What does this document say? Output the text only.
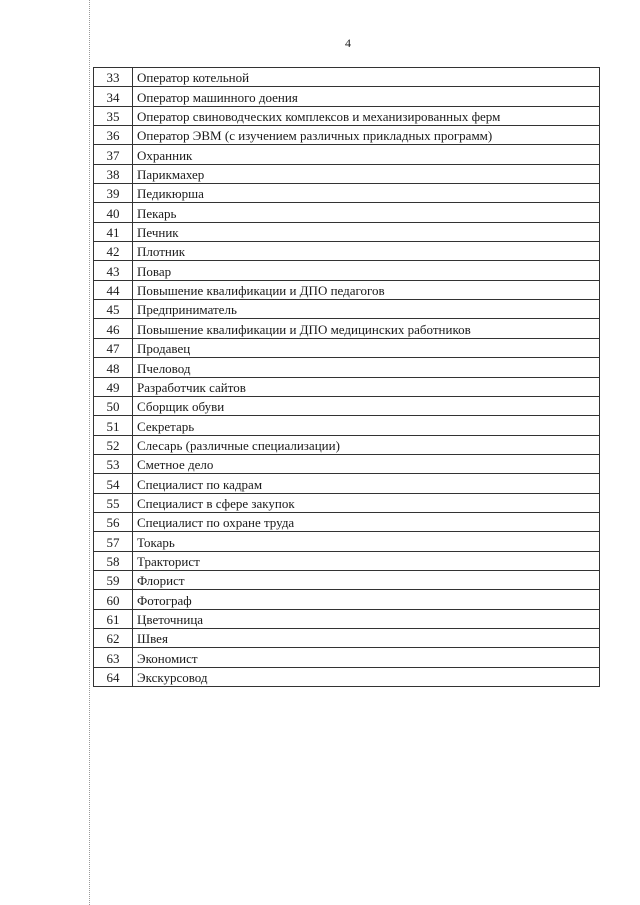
4
33	Оператор котельной
34	Оператор машинного доения
35	Оператор свиноводческих комплексов и механизированных ферм
36	Оператор ЭВМ (с изучением различных прикладных программ)
37	Охранник
38	Парикмахер
39	Педикюрша
40	Пекарь
41	Печник
42	Плотник
43	Повар
44	Повышение квалификации и ДПО педагогов
45	Предприниматель
46	Повышение квалификации и ДПО медицинских работников
47	Продавец
48	Пчеловод
49	Разработчик сайтов
50	Сборщик обуви
51	Секретарь
52	Слесарь (различные специализации)
53	Сметное дело
54	Специалист по кадрам
55	Специалист в сфере закупок
56	Специалист по охране труда
57	Токарь
58	Тракторист
59	Флорист
60	Фотограф
61	Цветочница
62	Швея
63	Экономист
64	Экскурсовод
